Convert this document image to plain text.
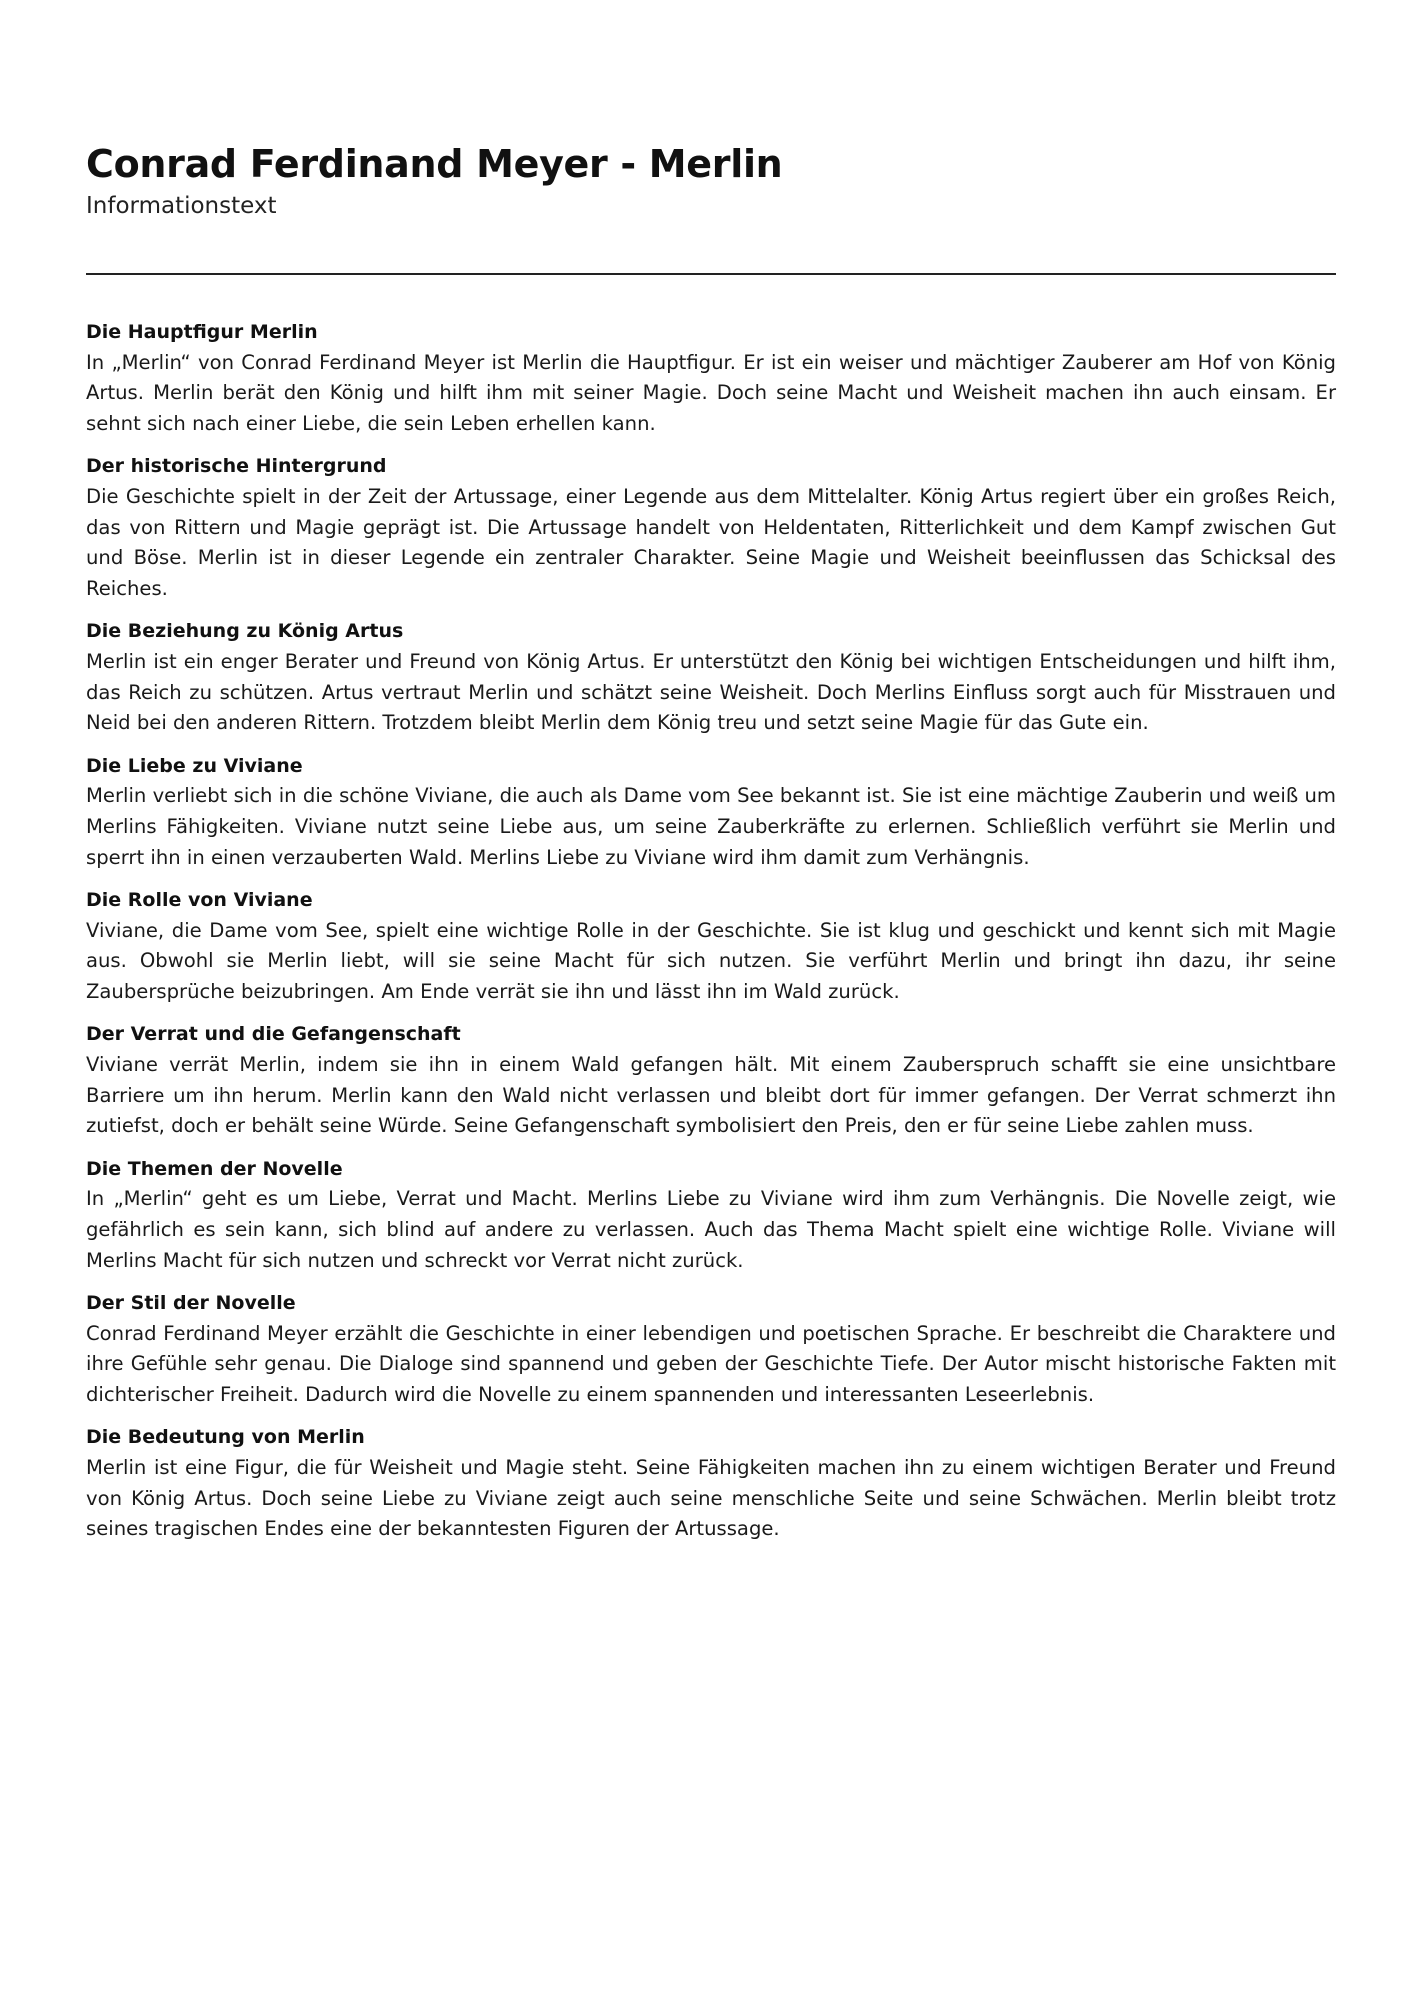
Conrad Ferdinand Meyer - Merlin

Informationstext

Die Hauptfigur Merlin

In „Merlin“ von Conrad Ferdinand Meyer ist Merlin die Hauptfigur. Er ist ein weiser und mächtiger Zauberer am Hof von König Artus. Merlin berät den König und hilft ihm mit seiner Magie. Doch seine Macht und Weisheit machen ihn auch einsam. Er sehnt sich nach einer Liebe, die sein Leben erhellen kann.

Der historische Hintergrund

Die Geschichte spielt in der Zeit der Artussage, einer Legende aus dem Mittelalter. König Artus regiert über ein großes Reich, das von Rittern und Magie geprägt ist. Die Artussage handelt von Heldentaten, Ritterlichkeit und dem Kampf zwischen Gut und Böse. Merlin ist in dieser Legende ein zentraler Charakter. Seine Magie und Weisheit beeinflussen das Schicksal des Reiches.

Die Beziehung zu König Artus

Merlin ist ein enger Berater und Freund von König Artus. Er unterstützt den König bei wichtigen Entscheidungen und hilft ihm, das Reich zu schützen. Artus vertraut Merlin und schätzt seine Weisheit. Doch Merlins Einfluss sorgt auch für Misstrauen und Neid bei den anderen Rittern. Trotzdem bleibt Merlin dem König treu und setzt seine Magie für das Gute ein.

Die Liebe zu Viviane

Merlin verliebt sich in die schöne Viviane, die auch als Dame vom See bekannt ist. Sie ist eine mächtige Zauberin und weiß um Merlins Fähigkeiten. Viviane nutzt seine Liebe aus, um seine Zauberkräfte zu erlernen. Schließlich verführt sie Merlin und sperrt ihn in einen verzauberten Wald. Merlins Liebe zu Viviane wird ihm damit zum Verhängnis.

Die Rolle von Viviane

Viviane, die Dame vom See, spielt eine wichtige Rolle in der Geschichte. Sie ist klug und geschickt und kennt sich mit Magie aus. Obwohl sie Merlin liebt, will sie seine Macht für sich nutzen. Sie verführt Merlin und bringt ihn dazu, ihr seine Zaubersprüche beizubringen. Am Ende verrät sie ihn und lässt ihn im Wald zurück.

Der Verrat und die Gefangenschaft

Viviane verrät Merlin, indem sie ihn in einem Wald gefangen hält. Mit einem Zauberspruch schafft sie eine unsichtbare Barriere um ihn herum. Merlin kann den Wald nicht verlassen und bleibt dort für immer gefangen. Der Verrat schmerzt ihn zutiefst, doch er behält seine Würde. Seine Gefangenschaft symbolisiert den Preis, den er für seine Liebe zahlen muss.

Die Themen der Novelle

In „Merlin“ geht es um Liebe, Verrat und Macht. Merlins Liebe zu Viviane wird ihm zum Verhängnis. Die Novelle zeigt, wie gefährlich es sein kann, sich blind auf andere zu verlassen. Auch das Thema Macht spielt eine wichtige Rolle. Viviane will Merlins Macht für sich nutzen und schreckt vor Verrat nicht zurück.

Der Stil der Novelle

Conrad Ferdinand Meyer erzählt die Geschichte in einer lebendigen und poetischen Sprache. Er beschreibt die Charaktere und ihre Gefühle sehr genau. Die Dialoge sind spannend und geben der Geschichte Tiefe. Der Autor mischt historische Fakten mit dichterischer Freiheit. Dadurch wird die Novelle zu einem spannenden und interessanten Leseerlebnis.

Die Bedeutung von Merlin

Merlin ist eine Figur, die für Weisheit und Magie steht. Seine Fähigkeiten machen ihn zu einem wichtigen Berater und Freund von König Artus. Doch seine Liebe zu Viviane zeigt auch seine menschliche Seite und seine Schwächen. Merlin bleibt trotz seines tragischen Endes eine der bekanntesten Figuren der Artussage.
